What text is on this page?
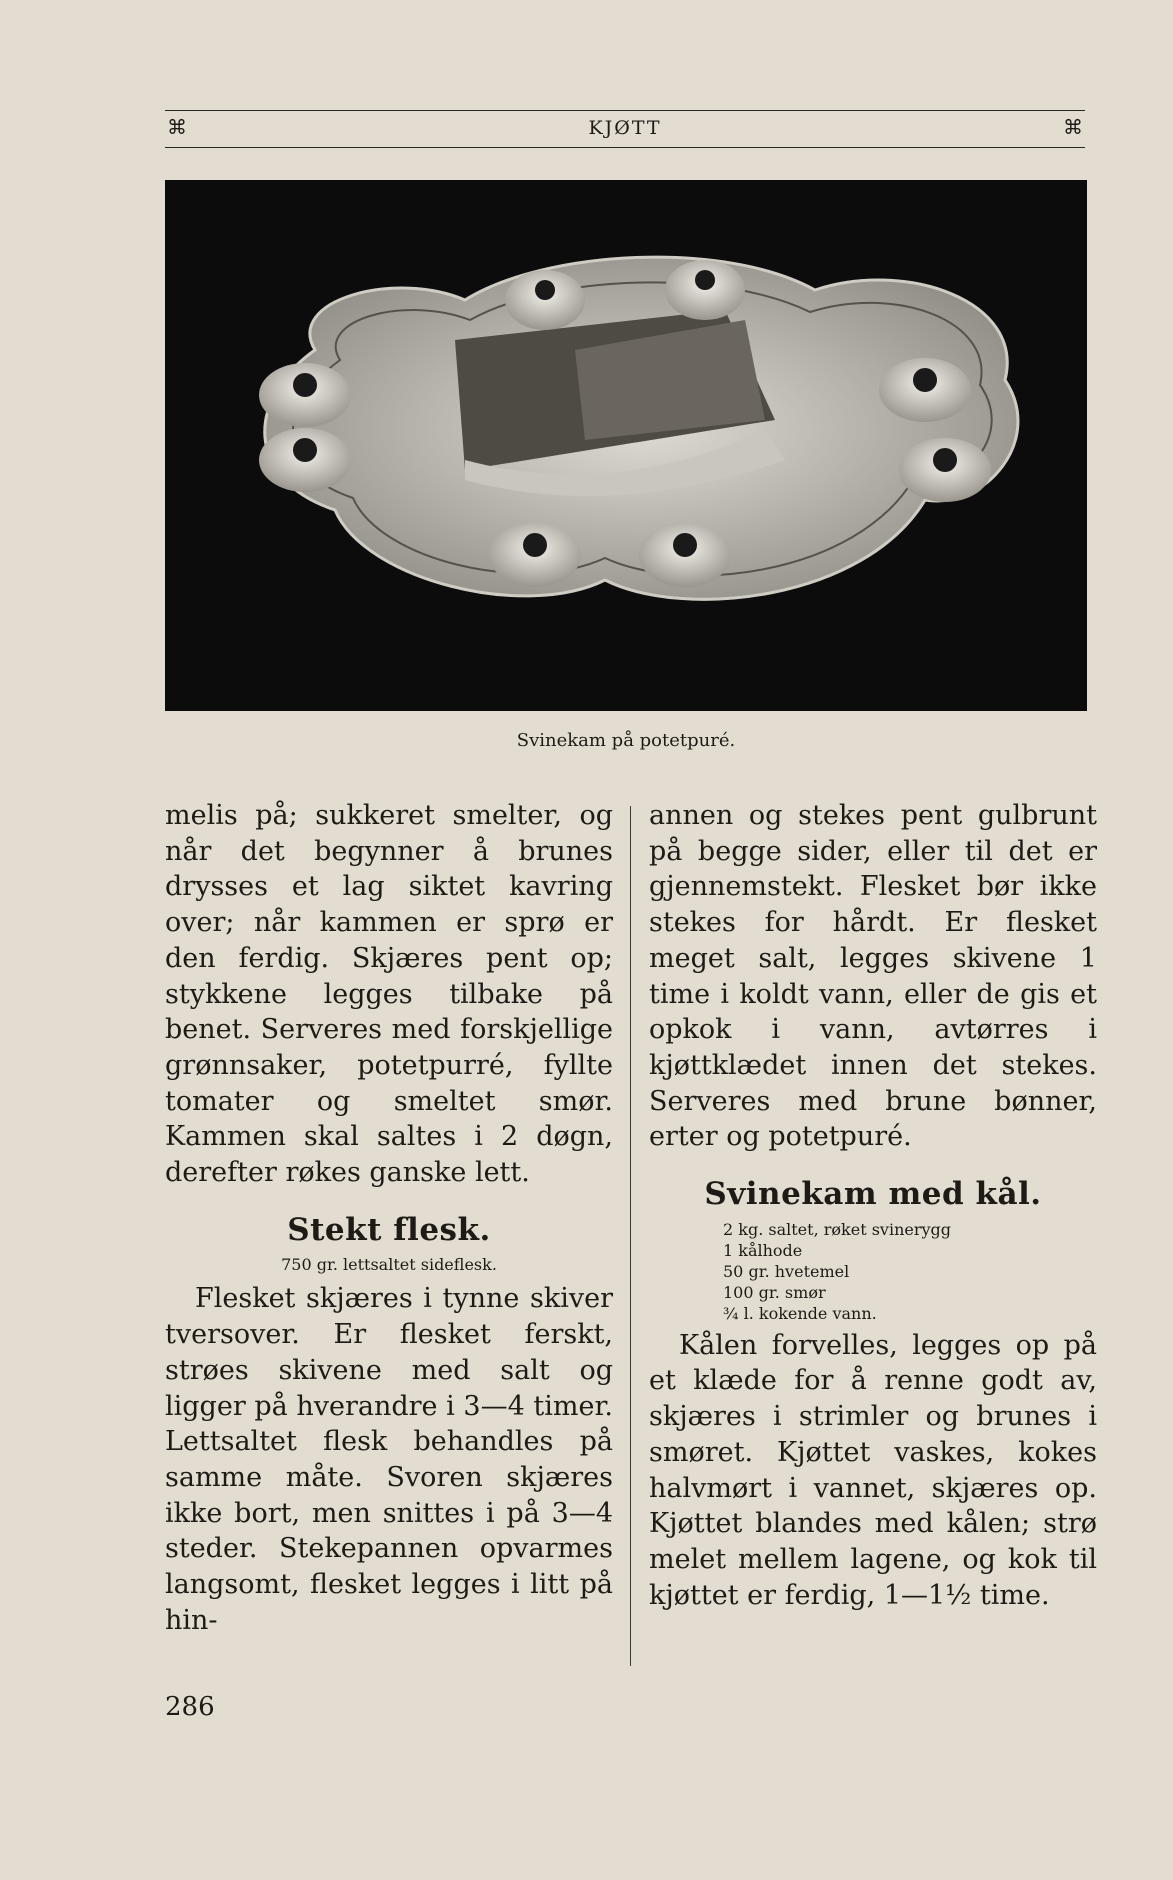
⌘	KJØTT	⌘
Svinekam på potetpuré.

melis på; sukkeret smelter, og når det begynner å brunes drysses et lag siktet kavring over; når kammen er sprø er den ferdig. Skjæres pent op; stykkene legges tilbake på benet. Serveres med forskjellige grønnsaker, potetpurré, fyllte tomater og smeltet smør. Kammen skal saltes i 2 døgn, derefter røkes ganske lett.

Stekt flesk.
750 gr. lettsaltet sideflesk.

Flesket skjæres i tynne skiver tversover. Er flesket ferskt, strøes skivene med salt og ligger på hverandre i 3—4 timer. Lettsaltet flesk behandles på samme måte. Svoren skjæres ikke bort, men snittes i på 3—4 steder. Stekepannen opvarmes langsomt, flesket legges i litt på hin-

annen og stekes pent gulbrunt på begge sider, eller til det er gjennemstekt. Flesket bør ikke stekes for hårdt. Er flesket meget salt, legges skivene 1 time i koldt vann, eller de gis et opkok i vann, avtørres i kjøttklædet innen det stekes. Serveres med brune bønner, erter og potetpuré.

Svinekam med kål.
2 kg. saltet, røket svinerygg
1 kålhode
50 gr. hvetemel
100 gr. smør
¾ l. kokende vann.

Kålen forvelles, legges op på et klæde for å renne godt av, skjæres i strimler og brunes i smøret. Kjøttet vaskes, kokes halvmørt i vannet, skjæres op. Kjøttet blandes med kålen; strø melet mellem lagene, og kok til kjøttet er ferdig, 1—1½ time.

286
